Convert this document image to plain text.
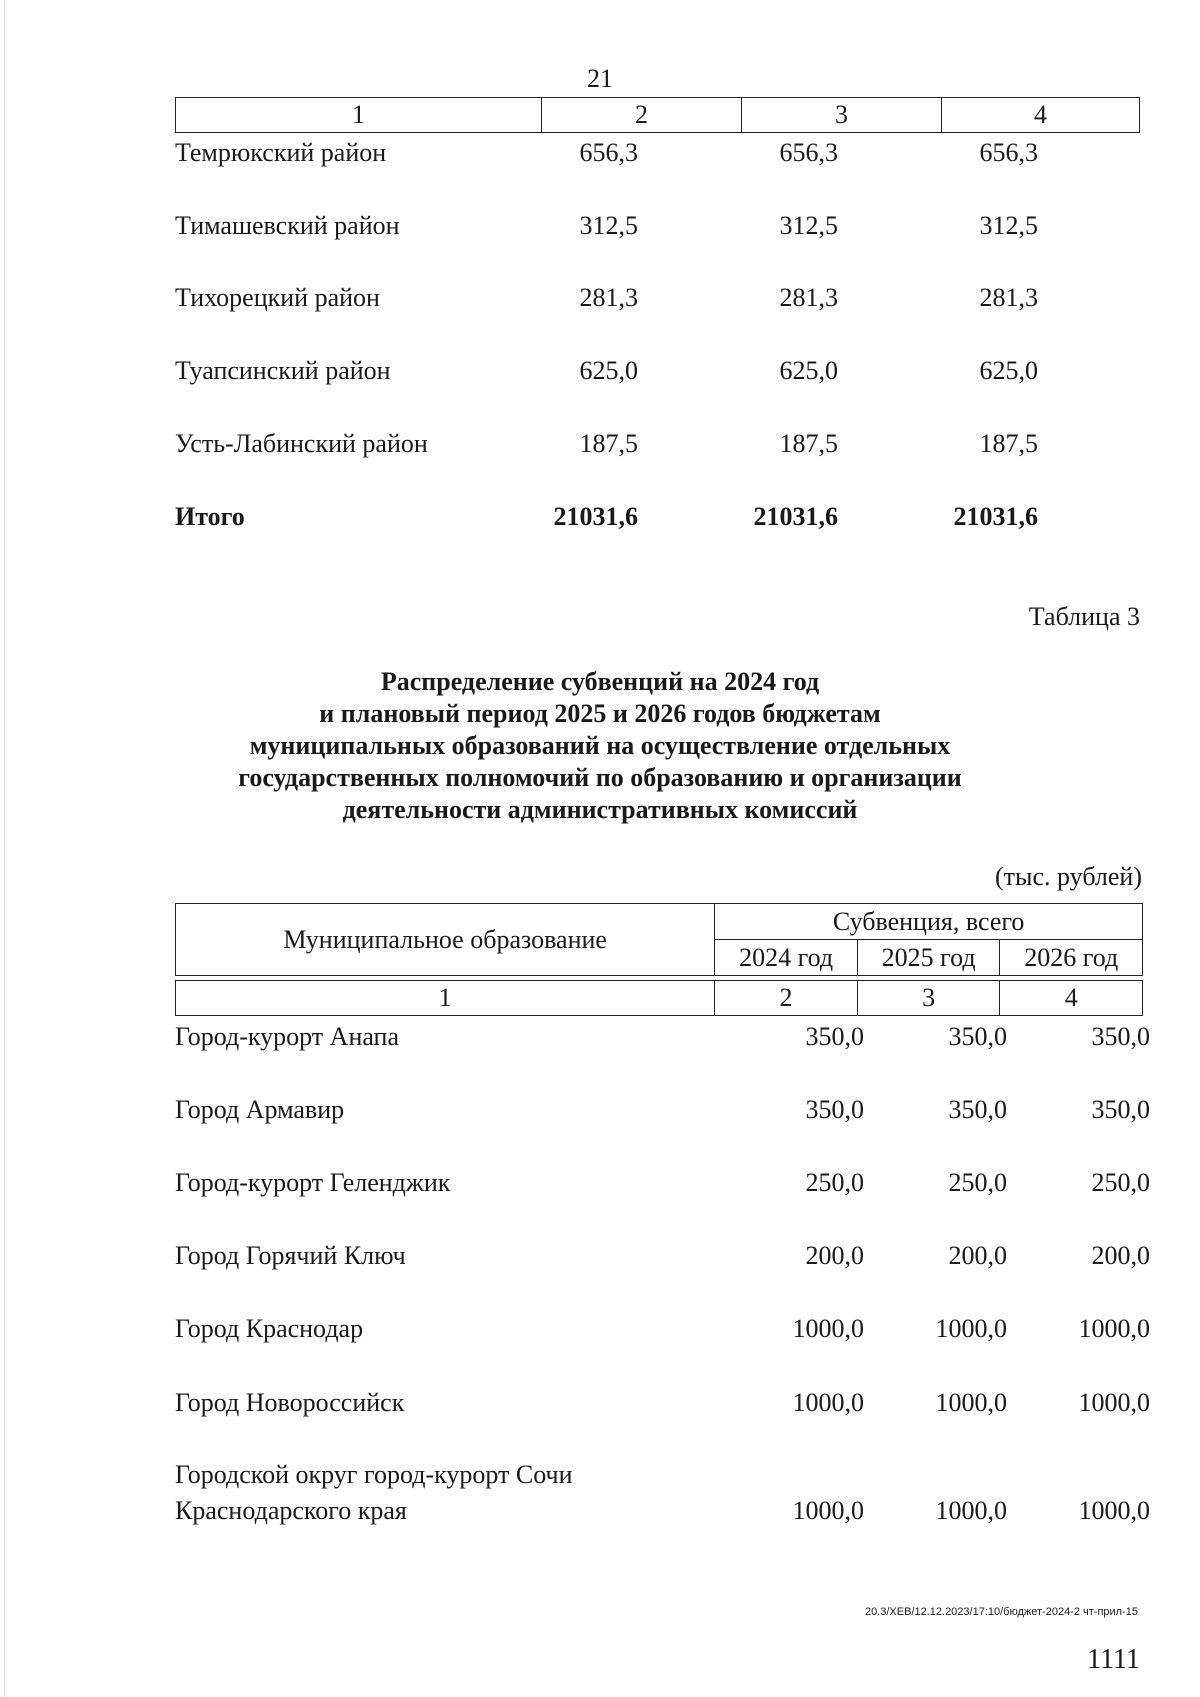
21
1	2	3	4
Темрюкский район	656,3	656,3	656,3
Тимашевский район	312,5	312,5	312,5
Тихорецкий район	281,3	281,3	281,3
Туапсинский район	625,0	625,0	625,0
Усть-Лабинский район	187,5	187,5	187,5
Итого	21031,6	21031,6	21031,6
Таблица 3
Распределение субвенций на 2024 год
и плановый период 2025 и 2026 годов бюджетам
муниципальных образований на осуществление отдельных
государственных полномочий по образованию и организации
деятельности административных комиссий
(тыс. рублей)
Муниципальное образование	Субвенция, всего		
	2024 год	2025 год	2026 год
1	2	3	4
Город-курорт Анапа	350,0	350,0	350,0
Город Армавир	350,0	350,0	350,0
Город-курорт Геленджик	250,0	250,0	250,0
Город Горячий Ключ	200,0	200,0	200,0
Город Краснодар	1000,0	1000,0	1000,0
Город Новороссийск	1000,0	1000,0	1000,0
Городской округ город-курорт Сочи
Краснодарского края	1000,0	1000,0	1000,0
20.3/ХЕВ/12.12.2023/17:10/бюджет-2024-2 чт-прил-15
1111
